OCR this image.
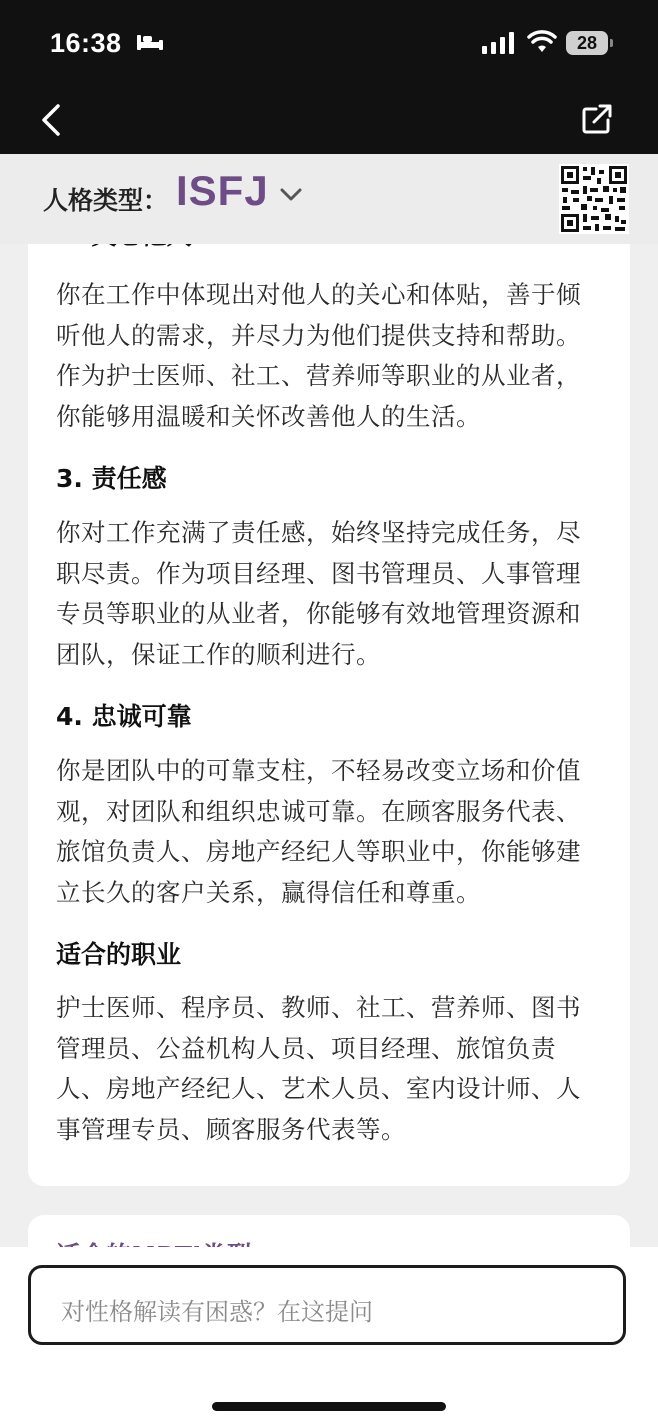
16:38	28
人格类型： ISFJ
你在工作中体现出对他人的关心和体贴，善于倾听他人的需求，并尽力为他们提供支持和帮助。作为护士医师、社工、营养师等职业的从业者，你能够用温暖和关怀改善他人的生活。
3. 责任感
你对工作充满了责任感，始终坚持完成任务，尽职尽责。作为项目经理、图书管理员、人事管理专员等职业的从业者，你能够有效地管理资源和团队，保证工作的顺利进行。
4. 忠诚可靠
你是团队中的可靠支柱，不轻易改变立场和价值观，对团队和组织忠诚可靠。在顾客服务代表、旅馆负责人、房地产经纪人等职业中，你能够建立长久的客户关系，赢得信任和尊重。
适合的职业
护士医师、程序员、教师、社工、营养师、图书管理员、公益机构人员、项目经理、旅馆负责人、房地产经纪人、艺术人员、室内设计师、人事管理专员、顾客服务代表等。
对性格解读有困惑？在这提问
